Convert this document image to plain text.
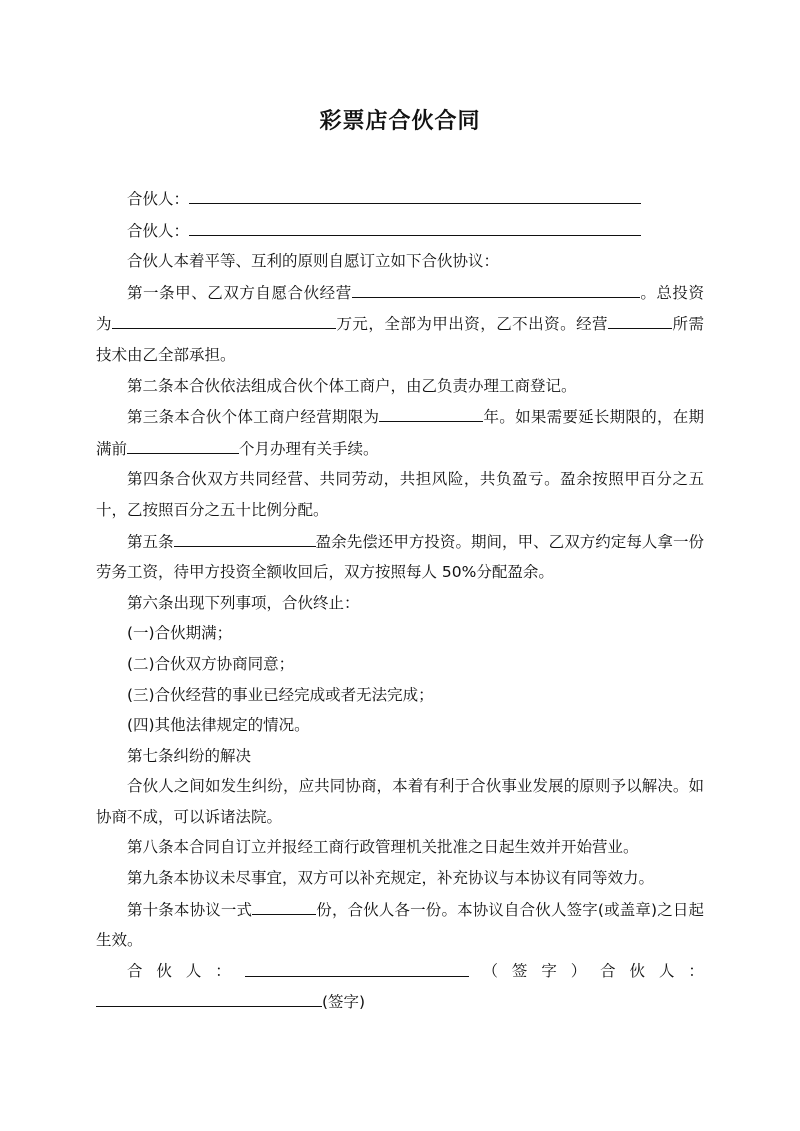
彩票店合伙合同

合伙人：

合伙人：

合伙人本着平等、互利的原则自愿订立如下合伙协议：

第一条甲、乙双方自愿合伙经营	。总投资为	万元，全部为甲出资，乙不出资。经营	所需技术由乙全部承担。

第二条本合伙依法组成合伙个体工商户，由乙负责办理工商登记。

第三条本合伙个体工商户经营期限为	年。如果需要延长期限的，在期满前	个月办理有关手续。

第四条合伙双方共同经营、共同劳动，共担风险，共负盈亏。盈余按照甲百分之五十，乙按照百分之五十比例分配。

第五条	盈余先偿还甲方投资。期间，甲、乙双方约定每人拿一份劳务工资，待甲方投资全额收回后，双方按照每人 50%分配盈余。

第六条出现下列事项，合伙终止：

(一)合伙期满；

(二)合伙双方协商同意；

(三)合伙经营的事业已经完成或者无法完成；

(四)其他法律规定的情况。

第七条纠纷的解决

合伙人之间如发生纠纷，应共同协商，本着有利于合伙事业发展的原则予以解决。如协商不成，可以诉诸法院。

第八条本合同自订立并报经工商行政管理机关批准之日起生效并开始营业。

第九条本协议未尽事宜，双方可以补充规定，补充协议与本协议有同等效力。

第十条本协议一式	份，合伙人各一份。本协议自合伙人签字(或盖章)之日起生效。

合 伙 人 ：	（ 签 字 ） 合 伙 人 ：
(签字)
